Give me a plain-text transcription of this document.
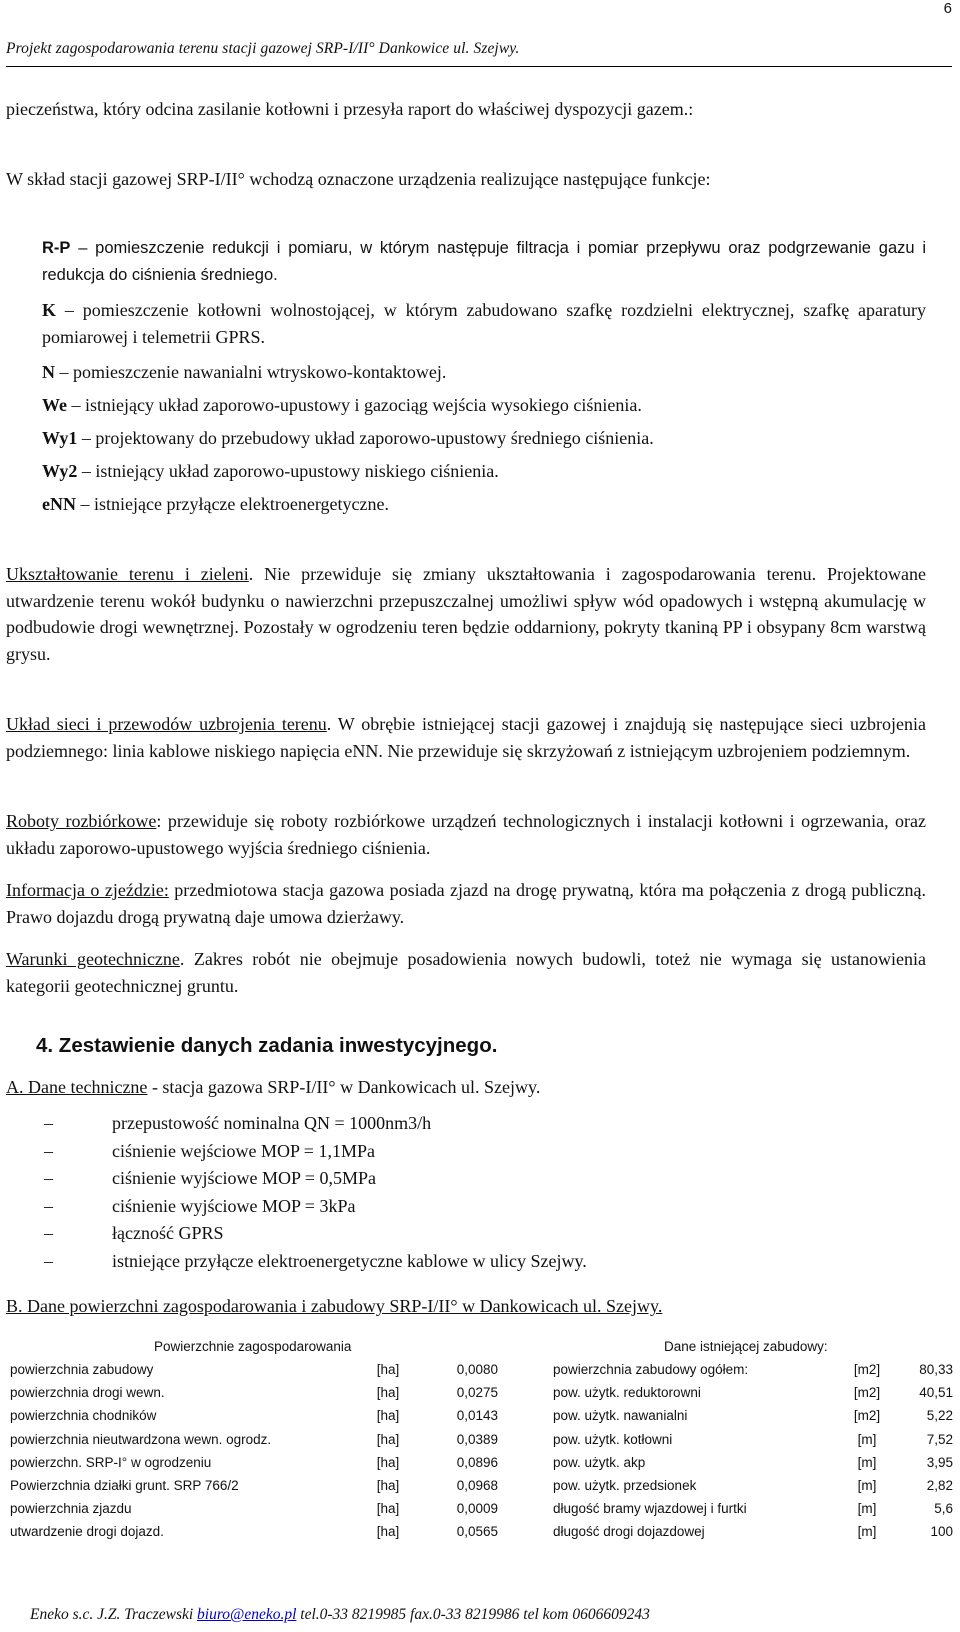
6
Projekt zagospodarowania terenu stacji gazowej SRP-I/II° Dankowice ul. Szejwy.
pieczeństwa, który odcina zasilanie kotłowni i przesyła raport do właściwej dyspozycji gazem.:
W skład stacji gazowej SRP-I/II° wchodzą oznaczone urządzenia realizujące następujące funkcje:
R-P – pomieszczenie redukcji i pomiaru, w którym następuje filtracja i pomiar przepływu oraz podgrzewanie gazu i redukcja do ciśnienia średniego.
K – pomieszczenie kotłowni wolnostojącej, w którym zabudowano szafkę rozdzielni elektrycznej, szafkę aparatury pomiarowej i telemetrii GPRS.
N – pomieszczenie nawanialni wtryskowo-kontaktowej.
We – istniejący układ zaporowo-upustowy i gazociąg wejścia wysokiego ciśnienia.
Wy1 – projektowany do przebudowy układ zaporowo-upustowy średniego ciśnienia.
Wy2 – istniejący układ zaporowo-upustowy niskiego ciśnienia.
eNN – istniejące przyłącze elektroenergetyczne.
Ukształtowanie terenu i zieleni. Nie przewiduje się zmiany ukształtowania i zagospodarowania terenu. Projektowane utwardzenie terenu wokół budynku o nawierzchni przepuszczalnej umożliwi spływ wód opadowych i wstępną akumulację w podbudowie drogi wewnętrznej. Pozostały w ogrodzeniu teren będzie oddarniony, pokryty tkaniną PP i obsypany 8cm warstwą grysu.
Układ sieci i przewodów uzbrojenia terenu. W obrębie istniejącej stacji gazowej i znajdują się następujące sieci uzbrojenia podziemnego: linia kablowe niskiego napięcia eNN. Nie przewiduje się skrzyżowań z istniejącym uzbrojeniem podziemnym.
Roboty rozbiórkowe: przewiduje się roboty rozbiórkowe urządzeń technologicznych i instalacji kotłowni i ogrzewania, oraz układu zaporowo-upustowego wyjścia średniego ciśnienia.
Informacja o zjeździe: przedmiotowa stacja gazowa posiada zjazd na drogę prywatną, która ma połączenia z drogą publiczną. Prawo dojazdu drogą prywatną daje umowa dzierżawy.
Warunki geotechniczne. Zakres robót nie obejmuje posadowienia nowych budowli, toteż nie wymaga się ustanowienia kategorii geotechnicznej gruntu.
4. Zestawienie danych zadania inwestycyjnego.
A. Dane techniczne - stacja gazowa SRP-I/II° w Dankowicach ul. Szejwy.
–	przepustowość nominalna QN = 1000nm3/h
–	ciśnienie wejściowe MOP = 1,1MPa
–	ciśnienie wyjściowe MOP = 0,5MPa
–	ciśnienie wyjściowe MOP = 3kPa
–	łączność GPRS
–	istniejące przyłącze elektroenergetyczne kablowe w ulicy Szejwy.
B. Dane powierzchni zagospodarowania i zabudowy SRP-I/II° w Dankowicach ul. Szejwy.
Powierzchnie zagospodarowania
powierzchnia zabudowy	[ha]	0,0080
powierzchnia drogi wewn.	[ha]	0,0275
powierzchnia chodników	[ha]	0,0143
powierzchnia nieutwardzona wewn. ogrodz.	[ha]	0,0389
powierzchn. SRP-I° w ogrodzeniu	[ha]	0,0896
Powierzchnia działki grunt. SRP 766/2	[ha]	0,0968
powierzchnia zjazdu	[ha]	0,0009
utwardzenie drogi dojazd.	[ha]	0,0565
Dane istniejącej zabudowy:
powierzchnia zabudowy ogółem:	[m2]	80,33
pow. użytk. reduktorowni	[m2]	40,51
pow. użytk. nawanialni	[m2]	5,22
pow. użytk. kotłowni	[m]	7,52
pow. użytk. akp	[m]	3,95
pow. użytk. przedsionek	[m]	2,82
długość bramy wjazdowej i furtki	[m]	5,6
długość drogi dojazdowej	[m]	100
Eneko s.c. J.Z. Traczewski biuro@eneko.pl tel.0-33 8219985 fax.0-33 8219986 tel kom 0606609243
